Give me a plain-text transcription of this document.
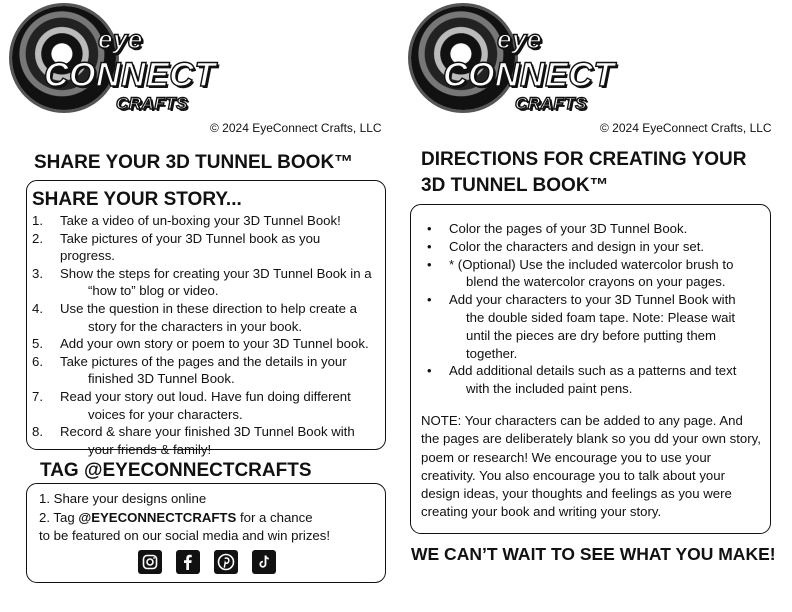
eye
CONNECT
CRAFTS
© 2024 EyeConnect Crafts, LLC
SHARE YOUR 3D TUNNEL BOOK™
SHARE YOUR STORY...
1. Take a video of un-boxing your 3D Tunnel Book!
2. Take pictures of your 3D Tunnel book as you progress.
3. Show the steps for creating your 3D Tunnel Book in a
“how to” blog or video.
4. Use the question in these direction to help create a
story for the characters in your book.
5. Add your own story or poem to your 3D Tunnel book.
6. Take pictures of the pages and the details in your
finished 3D Tunnel Book.
7. Read your story out loud. Have fun doing different
voices for your characters.
8. Record & share your finished 3D Tunnel Book with
your friends & family!
TAG @EYECONNECTCRAFTS
1. Share your designs online
2. Tag @EYECONNECTCRAFTS for a chance
to be featured on our social media and win prizes!
eye
CONNECT
CRAFTS
© 2024 EyeConnect Crafts, LLC
DIRECTIONS FOR CREATING YOUR
3D TUNNEL BOOK™
• Color the pages of your 3D Tunnel Book.
• Color the characters and design in your set.
• * (Optional) Use the included watercolor brush to
blend the watercolor crayons on your pages.
• Add your characters to your 3D Tunnel Book with
the double sided foam tape. Note: Please wait
until the pieces are dry before putting them
together.
• Add additional details such as a patterns and text
with the included paint pens.
NOTE: Your characters can be added to any page. And the pages are deliberately blank so you dd your own story, poem or research! We encourage you to use your creativity. You also encourage you to talk about your design ideas, your thoughts and feelings as you were creating your book and writing your story.
WE CAN’T WAIT TO SEE WHAT YOU MAKE!
